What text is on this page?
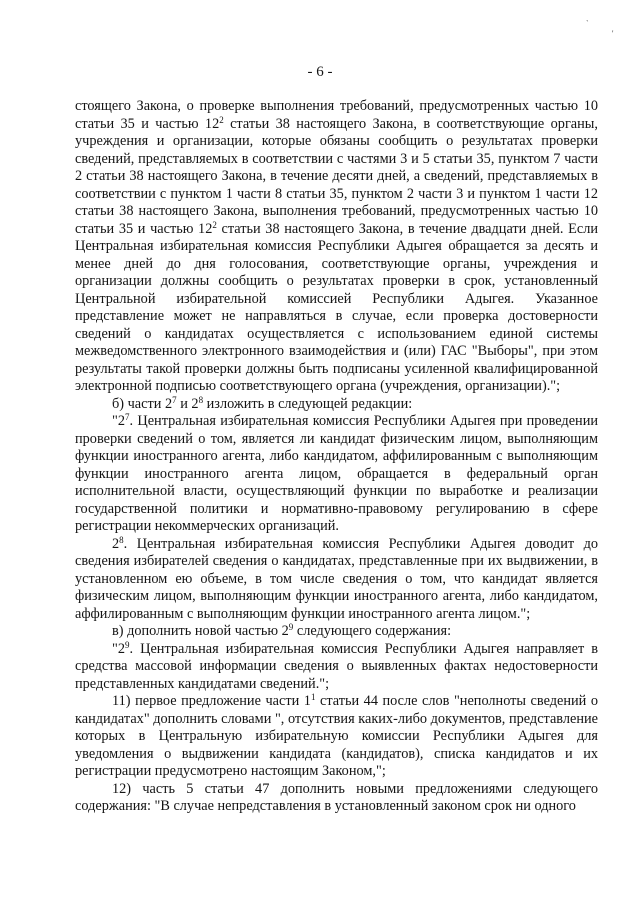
`
'
- 6 -

стоящего Закона, о проверке выполнения требований, предусмотренных частью 10 статьи 35 и частью $12^2$ статьи 38 настоящего Закона, в соответствующие органы, учреждения и организации, которые обязаны сообщить о результатах проверки сведений, представляемых в соответствии с частями 3 и 5 статьи 35, пунктом 7 части 2 статьи 38 настоящего Закона, в течение десяти дней, а сведений, представляемых в соответствии с пунктом 1 части 8 статьи 35, пунктом 2 части 3 и пунктом 1 части 12 статьи 38 настоящего Закона, выполнения требований, предусмотренных частью 10 статьи 35 и частью $12^2$ статьи 38 настоящего Закона, в течение двадцати дней. Если Центральная избирательная комиссия Республики Адыгея обращается за десять и менее дней до дня голосования, соответствующие органы, учреждения и организации должны сообщить о результатах проверки в срок, установленный Центральной избирательной комиссией Республики Адыгея. Указанное представление может не направляться в случае, если проверка достоверности сведений о кандидатах осуществляется с использованием единой системы межведомственного электронного взаимодействия и (или) ГАС "Выборы", при этом результаты такой проверки должны быть подписаны усиленной квалифицированной электронной подписью соответствующего органа (учреждения, организации).";

б) части $2^7$ и $2^8$ изложить в следующей редакции:

"$2^7$. Центральная избирательная комиссия Республики Адыгея при проведении проверки сведений о том, является ли кандидат физическим лицом, выполняющим функции иностранного агента, либо кандидатом, аффилированным с выполняющим функции иностранного агента лицом, обращается в федеральный орган исполнительной власти, осуществляющий функции по выработке и реализации государственной политики и нормативно-правовому регулированию в сфере регистрации некоммерческих организаций.

$2^8$. Центральная избирательная комиссия Республики Адыгея доводит до сведения избирателей сведения о кандидатах, представленные при их выдвижении, в установленном ею объеме, в том числе сведения о том, что кандидат является физическим лицом, выполняющим функции иностранного агента, либо кандидатом, аффилированным с выполняющим функции иностранного агента лицом.";

в) дополнить новой частью $2^9$ следующего содержания:

"$2^9$. Центральная избирательная комиссия Республики Адыгея направляет в средства массовой информации сведения о выявленных фактах недостоверности представленных кандидатами сведений.";

11) первое предложение части $1^1$ статьи 44 после слов "неполноты сведений о кандидатах" дополнить словами ", отсутствия каких-либо документов, представление которых в Центральную избирательную комиссии Республики Адыгея для уведомления о выдвижении кандидата (кандидатов), списка кандидатов и их регистрации предусмотрено настоящим Законом,";

12) часть 5 статьи 47 дополнить новыми предложениями следующего содержания: "В случае непредставления в установленный законом срок ни одного
